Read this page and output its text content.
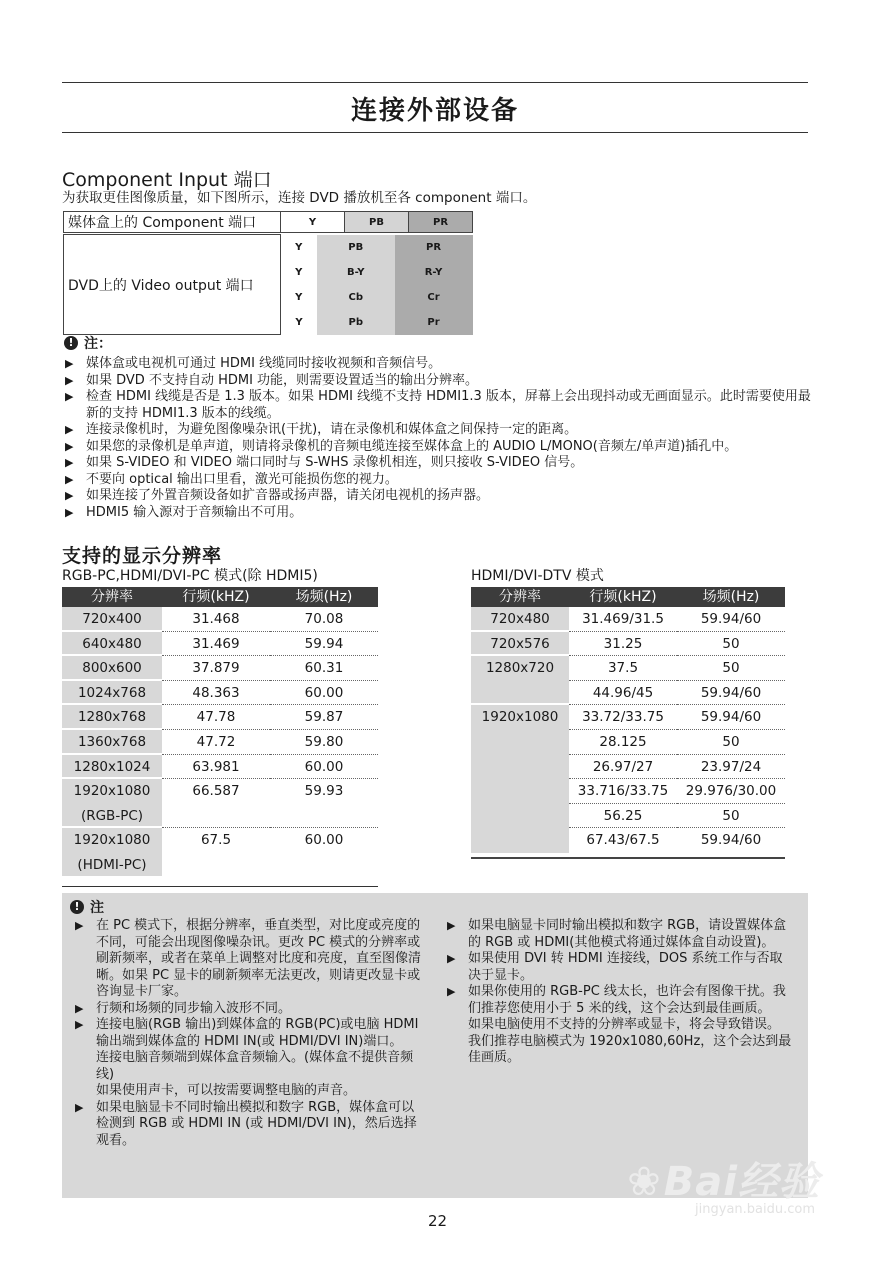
连接外部设备
Component Input 端口
为获取更佳图像质量，如下图所示，连接 DVD 播放机至各 component 端口。
媒体盒上的 Component 端口	Y	PB	PR
DVD上的 Video output 端口	Y	PB	PR
	Y	B-Y	R-Y
	Y	Cb	Cr
	Y	Pb	Pr
! 注：
▶ 媒体盒或电视机可通过 HDMI 线缆同时接收视频和音频信号。
▶ 如果 DVD 不支持自动 HDMI 功能，则需要设置适当的输出分辨率。
▶ 检查 HDMI 线缆是否是 1.3 版本。如果 HDMI 线缆不支持 HDMI1.3 版本，屏幕上会出现抖动或无画面显示。此时需要使用最新的支持 HDMI1.3 版本的线缆。
▶ 连接录像机时，为避免图像噪杂讯(干扰)，请在录像机和媒体盒之间保持一定的距离。
▶ 如果您的录像机是单声道，则请将录像机的音频电缆连接至媒体盒上的 AUDIO L/MONO(音频左/单声道)插孔中。
▶ 如果 S-VIDEO 和 VIDEO 端口同时与 S-WHS 录像机相连，则只接收 S-VIDEO 信号。
▶ 不要向 optical 输出口里看，激光可能损伤您的视力。
▶ 如果连接了外置音频设备如扩音器或扬声器，请关闭电视机的扬声器。
▶ HDMI5 输入源对于音频输出不可用。
支持的显示分辨率
RGB-PC,HDMI/DVI-PC 模式(除 HDMI5)	HDMI/DVI-DTV 模式
分辨率	行频(kHZ)	场频(Hz)
720x400	31.468	70.08
640x480	31.469	59.94
800x600	37.879	60.31
1024x768	48.363	60.00
1280x768	47.78	59.87
1360x768	47.72	59.80
1280x1024	63.981	60.00
1920x1080	66.587	59.93
(RGB-PC)
1920x1080	67.5	60.00
(HDMI-PC)
分辨率	行频(kHZ)	场频(Hz)
720x480	31.469/31.5	59.94/60
720x576	31.25	50
1280x720	37.5	50
44.96/45	59.94/60
1920x1080	33.72/33.75	59.94/60
28.125	50
26.97/27	23.97/24
33.716/33.75	29.976/30.00
56.25	50
67.43/67.5	59.94/60
! 注
▶ 在 PC 模式下，根据分辨率，垂直类型，对比度或亮度的不同，可能会出现图像噪杂讯。更改 PC 模式的分辨率或刷新频率，或者在菜单上调整对比度和亮度，直至图像清晰。如果 PC 显卡的刷新频率无法更改，则请更改显卡或咨询显卡厂家。
▶ 行频和场频的同步输入波形不同。
▶ 连接电脑(RGB 输出)到媒体盒的 RGB(PC)或电脑 HDMI 输出端到媒体盒的 HDMI IN(或 HDMI/DVI IN)端口。
连接电脑音频端到媒体盒音频输入。(媒体盒不提供音频线)
如果使用声卡，可以按需要调整电脑的声音。
▶ 如果电脑显卡不同时输出模拟和数字 RGB，媒体盒可以检测到 RGB 或 HDMI IN (或 HDMI/DVI IN)，然后选择观看。
▶ 如果电脑显卡同时输出模拟和数字 RGB，请设置媒体盒的 RGB 或 HDMI(其他模式将通过媒体盒自动设置)。
▶ 如果使用 DVI 转 HDMI 连接线，DOS 系统工作与否取决于显卡。
▶ 如果你使用的 RGB-PC 线太长，也许会有图像干扰。我们推荐您使用小于 5 米的线，这个会达到最佳画质。
如果电脑使用不支持的分辨率或显卡，将会导致错误。
我们推荐电脑模式为 1920x1080,60Hz，这个会达到最佳画质。
22
❀Bai经验
jingyan.baidu.com
